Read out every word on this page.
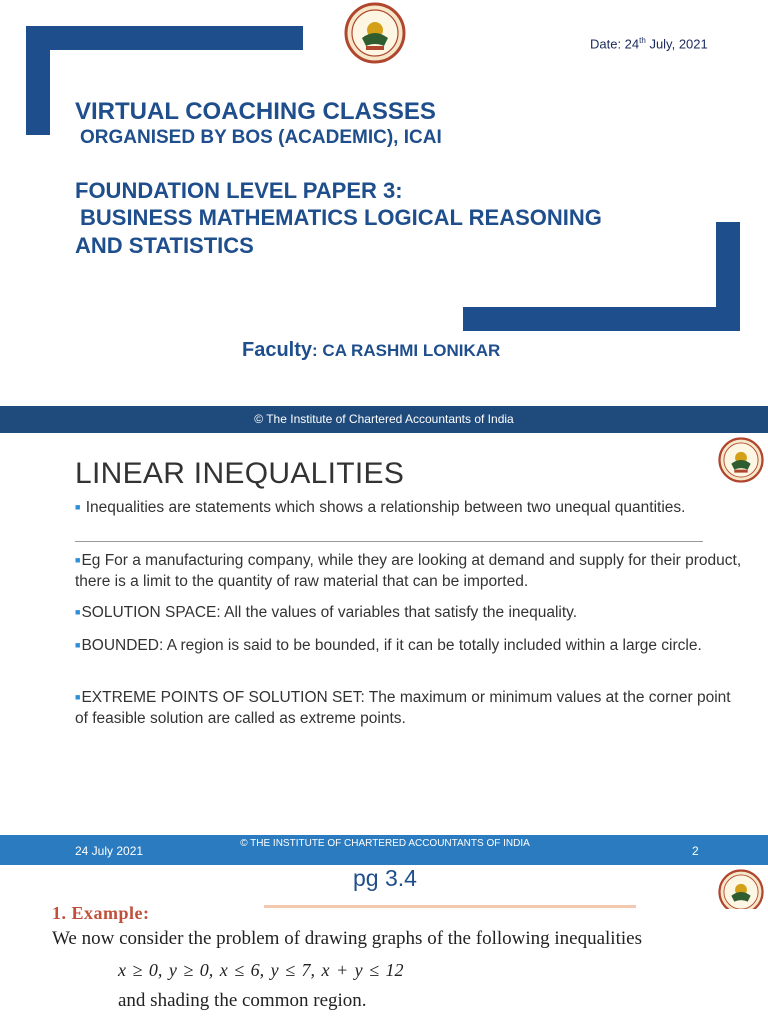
Date: 24th July, 2021
VIRTUAL COACHING CLASSES
ORGANISED BY BOS (ACADEMIC), ICAI
FOUNDATION LEVEL PAPER 3:
BUSINESS MATHEMATICS LOGICAL REASONING
AND STATISTICS
Faculty: CA RASHMI LONIKAR
© The Institute of Chartered Accountants of India
LINEAR INEQUALITIES
■ Inequalities are statements which shows a relationship between two unequal quantities.
■Eg For a manufacturing company, while they are looking at demand and supply for their product, there is a limit to the quantity of raw material that can be imported.
■SOLUTION SPACE: All the values of variables that satisfy the inequality.
■BOUNDED: A region is said to be bounded, if it can be totally included within a large circle.
■EXTREME POINTS OF SOLUTION SET: The maximum or minimum values at the corner point of feasible solution are called as extreme points.
24 July 2021
© THE INSTITUTE OF CHARTERED ACCOUNTANTS OF INDIA
2
pg 3.4
1. Example:
We now consider the problem of drawing graphs of the following inequalities
x ≥ 0, y ≥ 0, x ≤ 6, y ≤ 7, x + y ≤ 12
and shading the common region.
